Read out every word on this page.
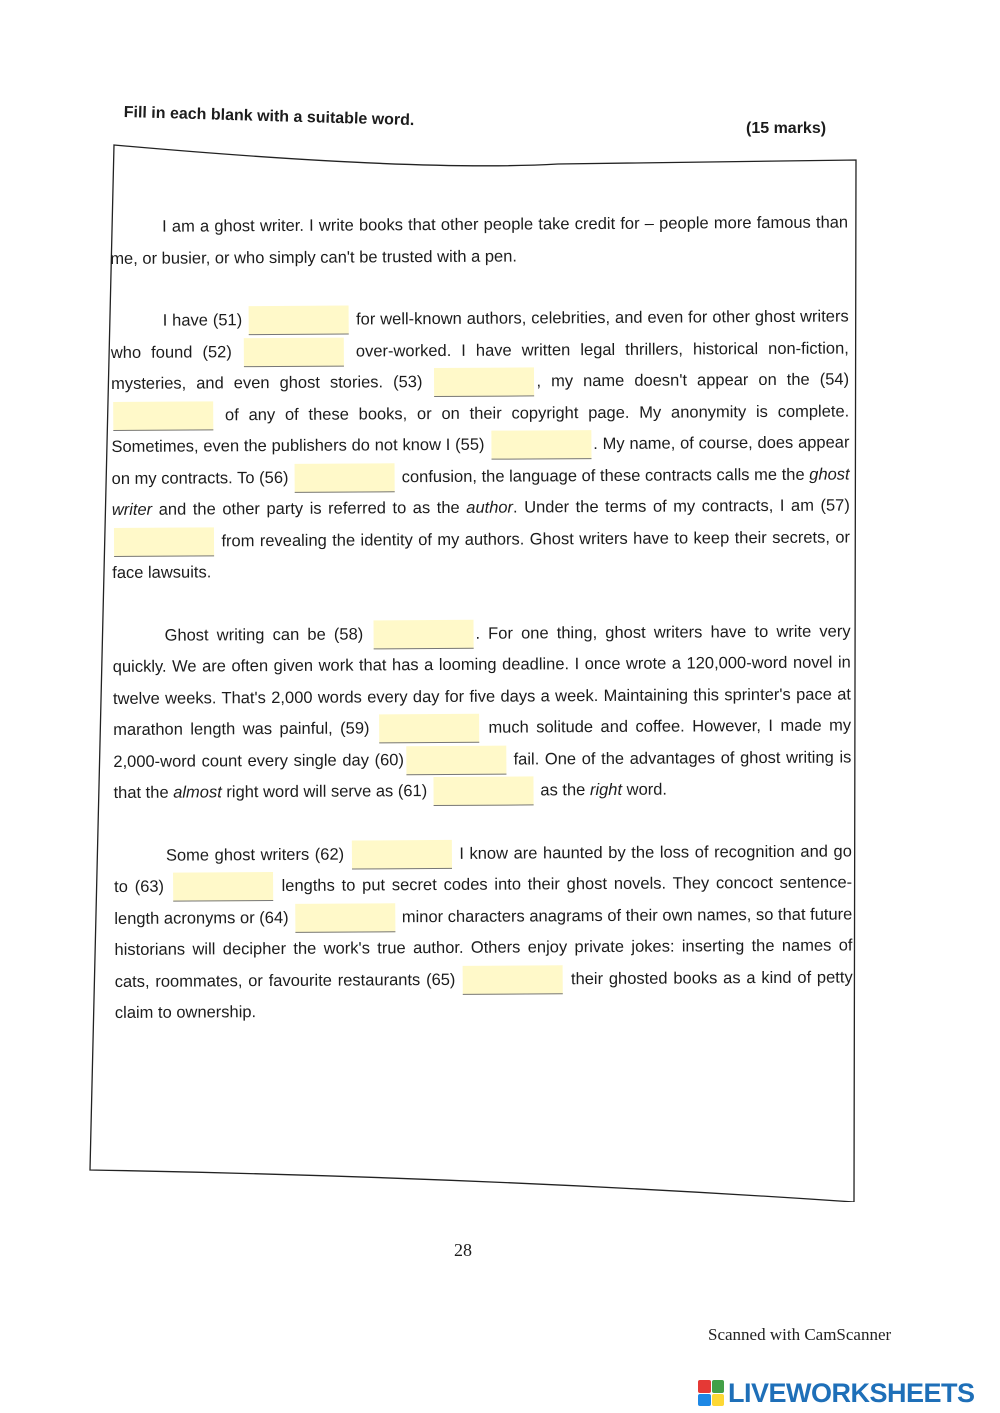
Fill in each blank with a suitable word.	(15 marks)

I am a ghost writer. I write books that other people take credit for – people more famous than me, or busier, or who simply can't be trusted with a pen.

I have (51)	for well-known authors, celebrities, and even for other ghost writers who found (52)	over-worked. I have written legal thrillers, historical non-fiction, mysteries, and even ghost stories. (53)	, my name doesn't appear on the (54)  of any of these books, or on their copyright page. My anonymity is complete. Sometimes, even the publishers do not know I (55)	. My name, of course, does appear on my contracts. To (56)	confusion, the language of these contracts calls me the ghost writer and the other party is referred to as the author. Under the terms of my contracts, I am (57)  from revealing the identity of my authors. Ghost writers have to keep their secrets, or face lawsuits.

Ghost writing can be (58)	. For one thing, ghost writers have to write very quickly. We are often given work that has a looming deadline. I once wrote a 120,000-word novel in twelve weeks. That's 2,000 words every day for five days a week. Maintaining this sprinter's pace at marathon length was painful, (59)	much solitude and coffee. However, I made my 2,000-word count every single day (60)	fail. One of the advantages of ghost writing is that the almost right word will serve as (61)	as the right word.

Some ghost writers (62)	I know are haunted by the loss of recognition and go to (63)	lengths to put secret codes into their ghost novels. They concoct sentence-length acronyms or (64)	minor characters anagrams of their own names, so that future historians will decipher the work's true author. Others enjoy private jokes: inserting the names of cats, roommates, or favourite restaurants (65)	their ghosted books as a kind of petty claim to ownership.

28
Scanned with CamScanner
LIVEWORKSHEETS
